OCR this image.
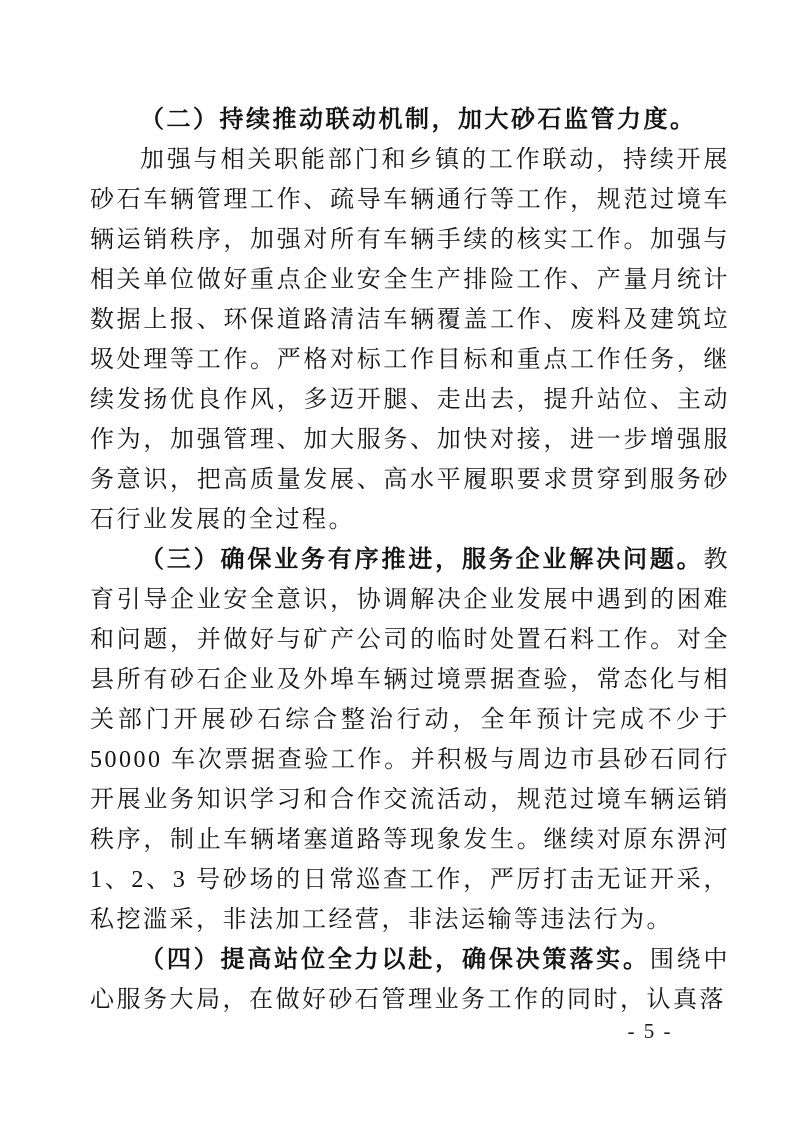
（二）持续推动联动机制，加大砂石监管力度。

加强与相关职能部门和乡镇的工作联动，持续开展砂石车辆管理工作、疏导车辆通行等工作，规范过境车辆运销秩序，加强对所有车辆手续的核实工作。加强与相关单位做好重点企业安全生产排险工作、产量月统计数据上报、环保道路清洁车辆覆盖工作、废料及建筑垃圾处理等工作。严格对标工作目标和重点工作任务，继续发扬优良作风，多迈开腿、走出去，提升站位、主动作为，加强管理、加大服务、加快对接，进一步增强服务意识，把高质量发展、高水平履职要求贯穿到服务砂石行业发展的全过程。

（三）确保业务有序推进，服务企业解决问题。教育引导企业安全意识，协调解决企业发展中遇到的困难和问题，并做好与矿产公司的临时处置石料工作。对全县所有砂石企业及外埠车辆过境票据查验，常态化与相关部门开展砂石综合整治行动，全年预计完成不少于50000 车次票据查验工作。并积极与周边市县砂石同行开展业务知识学习和合作交流活动，规范过境车辆运销秩序，制止车辆堵塞道路等现象发生。继续对原东淠河 1、2、3 号砂场的日常巡查工作，严厉打击无证开采，私挖滥采，非法加工经营，非法运输等违法行为。

（四）提高站位全力以赴，确保决策落实。围绕中心服务大局，在做好砂石管理业务工作的同时，认真落

- 5 -
